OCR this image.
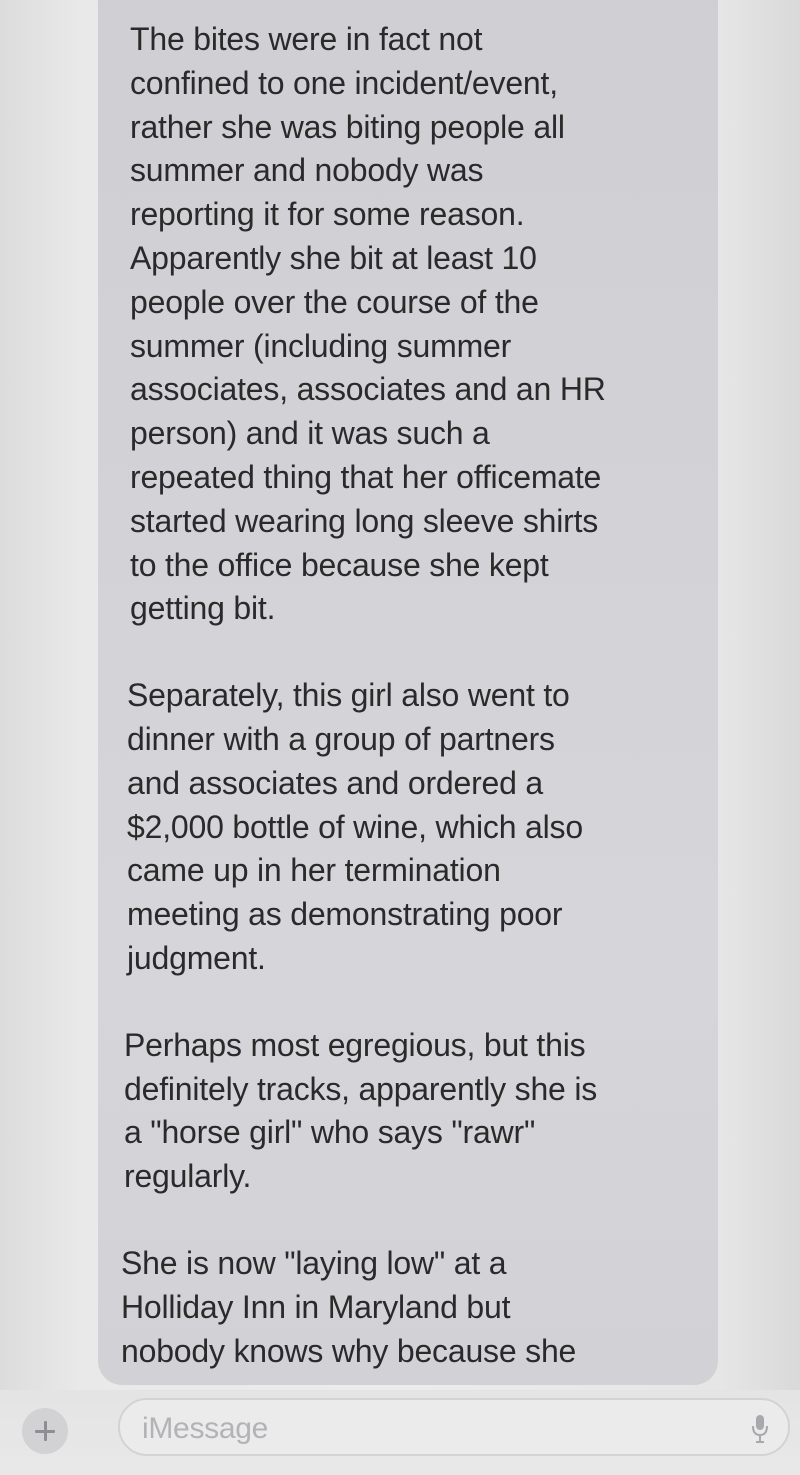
The bites were in fact not
confined to one incident/event,
rather she was biting people all
summer and nobody was
reporting it for some reason.
Apparently she bit at least 10
people over the course of the
summer (including summer
associates, associates and an HR
person) and it was such a
repeated thing that her officemate
started wearing long sleeve shirts
to the office because she kept
getting bit.

Separately, this girl also went to
dinner with a group of partners
and associates and ordered a
$2,000 bottle of wine, which also
came up in her termination
meeting as demonstrating poor
judgment.

Perhaps most egregious, but this
definitely tracks, apparently she is
a "horse girl" who says "rawr"
regularly.

She is now "laying low" at a
Holliday Inn in Maryland but
nobody knows why because she

iMessage
